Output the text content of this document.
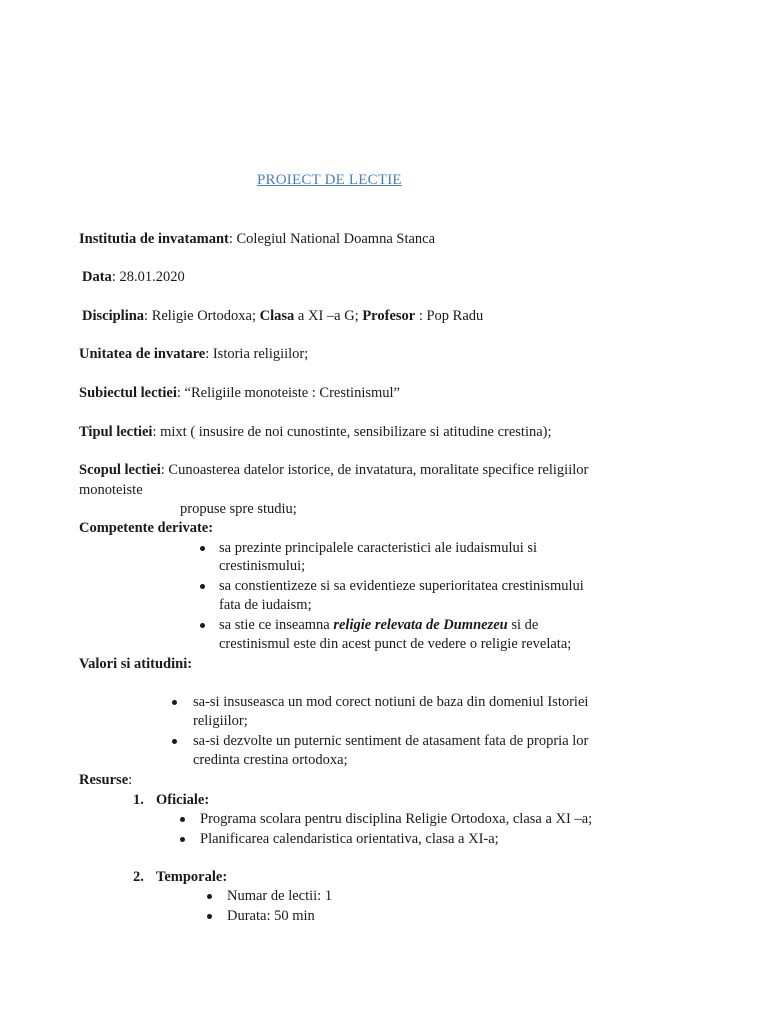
PROIECT DE LECTIE
Institutia de invatamant: Colegiul National Doamna Stanca
Data: 28.01.2020
Disciplina: Religie Ortodoxa; Clasa a XI –a G; Profesor : Pop Radu
Unitatea de invatare: Istoria religiilor;
Subiectul lectiei: “Religiile monoteiste : Crestinismul”
Tipul lectiei: mixt ( insusire de noi cunostinte, sensibilizare si atitudine crestina);
Scopul lectiei: Cunoasterea datelor istorice, de invatatura, moralitate specifice religiilor
monoteiste
propuse spre studiu;
Competente derivate:
sa prezinte principalele caracteristici ale iudaismului si
crestinismului;
sa constientizeze si sa evidentieze superioritatea crestinismului
fata de iudaism;
sa stie ce inseamna religie relevata de Dumnezeu si de
crestinismul este din acest punct de vedere o religie revelata;
Valori si atitudini:
sa-si insuseasca un mod corect notiuni de baza din domeniul Istoriei
religiilor;
sa-si dezvolte un puternic sentiment de atasament fata de propria lor
credinta crestina ortodoxa;
Resurse:
1. Oficiale:
Programa scolara pentru disciplina Religie Ortodoxa, clasa a XI –a;
Planificarea calendaristica orientativa, clasa a XI-a;
2. Temporale:
Numar de lectii: 1
Durata: 50 min
